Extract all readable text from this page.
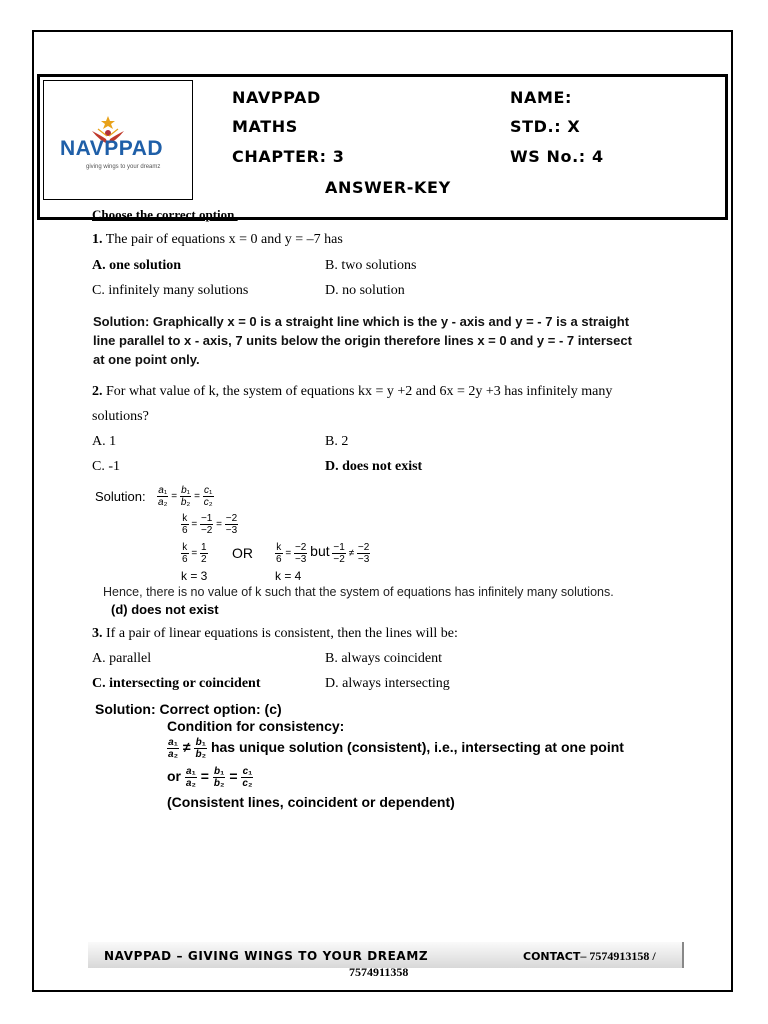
NAVPPAD
giving wings to your dreamz
NAVPPAD
MATHS
CHAPTER: 3
ANSWER-KEY
NAME:
STD.: X
WS No.: 4
Choose the correct option.
1. The pair of equations x = 0 and y = –7 has
A. one solution	B. two solutions
C. infinitely many solutions	D. no solution
Solution: Graphically x = 0 is a straight line which is the y - axis and y = - 7 is a straight
line parallel to x - axis, 7 units below the origin therefore lines x = 0 and y = - 7 intersect
at one point only.
2. For what value of k, the system of equations kx = y +2 and 6x = 2y +3 has infinitely many
solutions?
A. 1	B. 2
C. -1	D. does not exist
Solution: $\frac{\text{a₁}}{\text{a₂}} = \frac{\text{b₁}}{\text{b₂}} = \frac{\text{c₁}}{\text{c₂}}$
$\frac{k}{6} = \frac{-1}{-2} = \frac{-2}{-3}$
$\frac{k}{6} = \frac{1}{2}$ OR $\frac{k}{6} = \frac{-2}{-3}$ but $\frac{-1}{-2} \ne \frac{-2}{-3}$
k = 3	k = 4
Hence, there is no value of k such that the system of equations has infinitely many solutions.
(d) does not exist
3. If a pair of linear equations is consistent, then the lines will be:
A. parallel	B. always coincident
C. intersecting or coincident	D. always intersecting
Solution: Correct option: (c)
Condition for consistency:
$\frac{\text{a₁}}{\text{a₂}} \ne \frac{\text{b₁}}{\text{b₂}}$ has unique solution (consistent), i.e., intersecting at one point
or $\frac{\text{a₁}}{\text{a₂}} = \frac{\text{b₁}}{\text{b₂}} = \frac{\text{c₁}}{\text{c₂}}$
(Consistent lines, coincident or dependent)
NAVPPAD – GIVING WINGS TO YOUR DREAMZ	CONTACT– 7574913158 /
7574911358
